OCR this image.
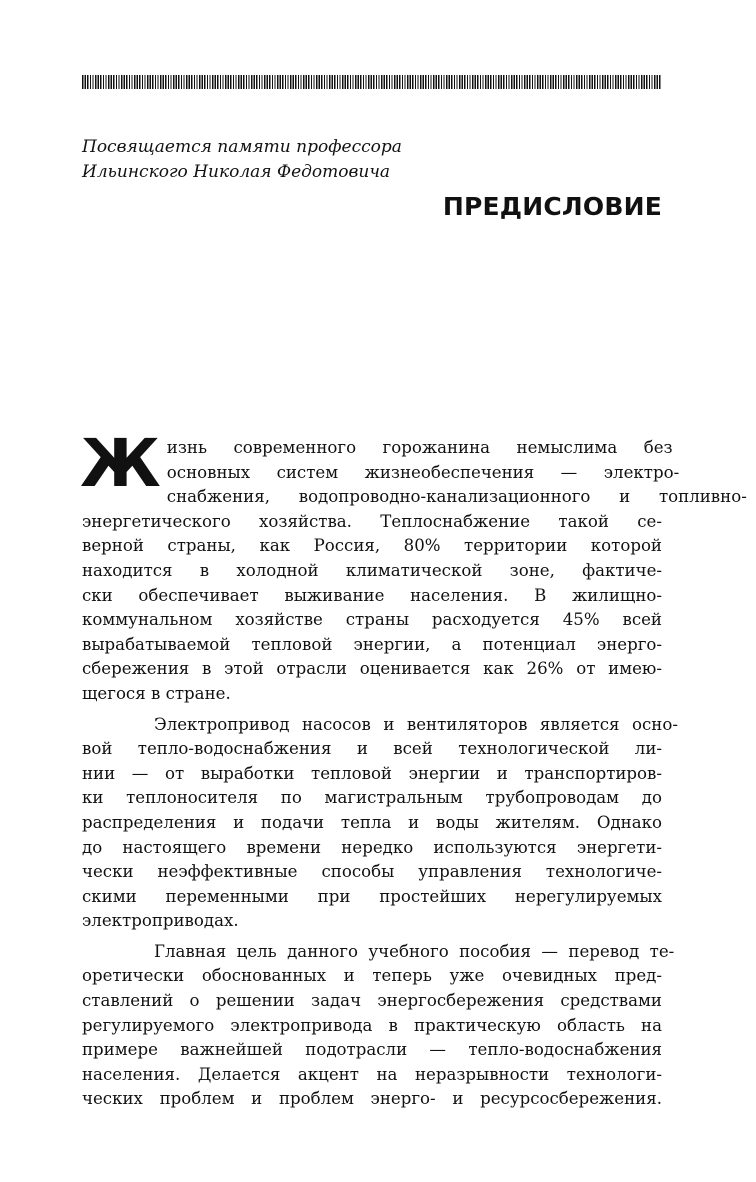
Посвящается памяти профессора
Ильинского Николая Федотовича
ПРЕДИСЛОВИЕ

Ж изнь современного горожанина немыслима без
основных систем жизнеобеспечения — электро-
снабжения, водопроводно-канализационного и топливно-
энергетического хозяйства. Теплоснабжение такой се-
верной страны, как Россия, 80% территории которой
находится в холодной климатической зоне, фактиче-
ски обеспечивает выживание населения. В жилищно-
коммунальном хозяйстве страны расходуется 45% всей
вырабатываемой тепловой энергии, а потенциал энерго-
сбережения в этой отрасли оценивается как 26% от имею-
щегося в стране.

Электропривод насосов и вентиляторов является осно-
вой тепло-водоснабжения и всей технологической ли-
нии — от выработки тепловой энергии и транспортиров-
ки теплоносителя по магистральным трубопроводам до
распределения и подачи тепла и воды жителям. Однако
до настоящего времени нередко используются энергети-
чески неэффективные способы управления технологиче-
скими переменными при простейших нерегулируемых
электроприводах.

Главная цель данного учебного пособия — перевод те-
оретически обоснованных и теперь уже очевидных пред-
ставлений о решении задач энергосбережения средствами
регулируемого электропривода в практическую область на
примере важнейшей подотрасли — тепло-водоснабжения
населения. Делается акцент на неразрывности технологи-
ческих проблем и проблем энерго- и ресурсосбережения.
